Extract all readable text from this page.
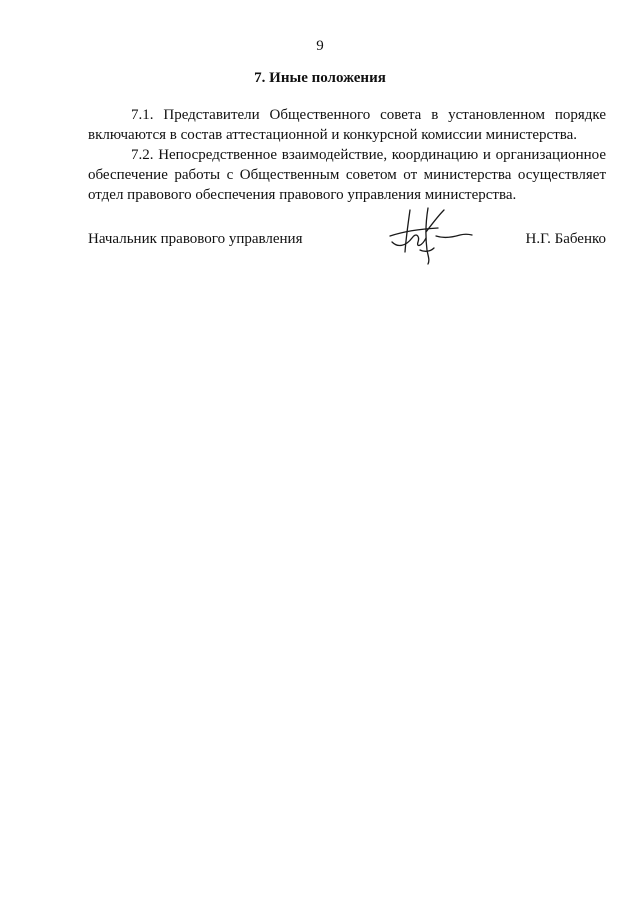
9
7. Иные положения

7.1. Представители Общественного совета в установленном порядке включаются в состав аттестационной и конкурсной комиссии министерства.

7.2. Непосредственное взаимодействие, координацию и организационное обеспечение работы с Общественным советом от министерства осуществляет отдел правового обеспечения правового управления министерства.

Начальник правового управления	Н.Г. Бабенко
